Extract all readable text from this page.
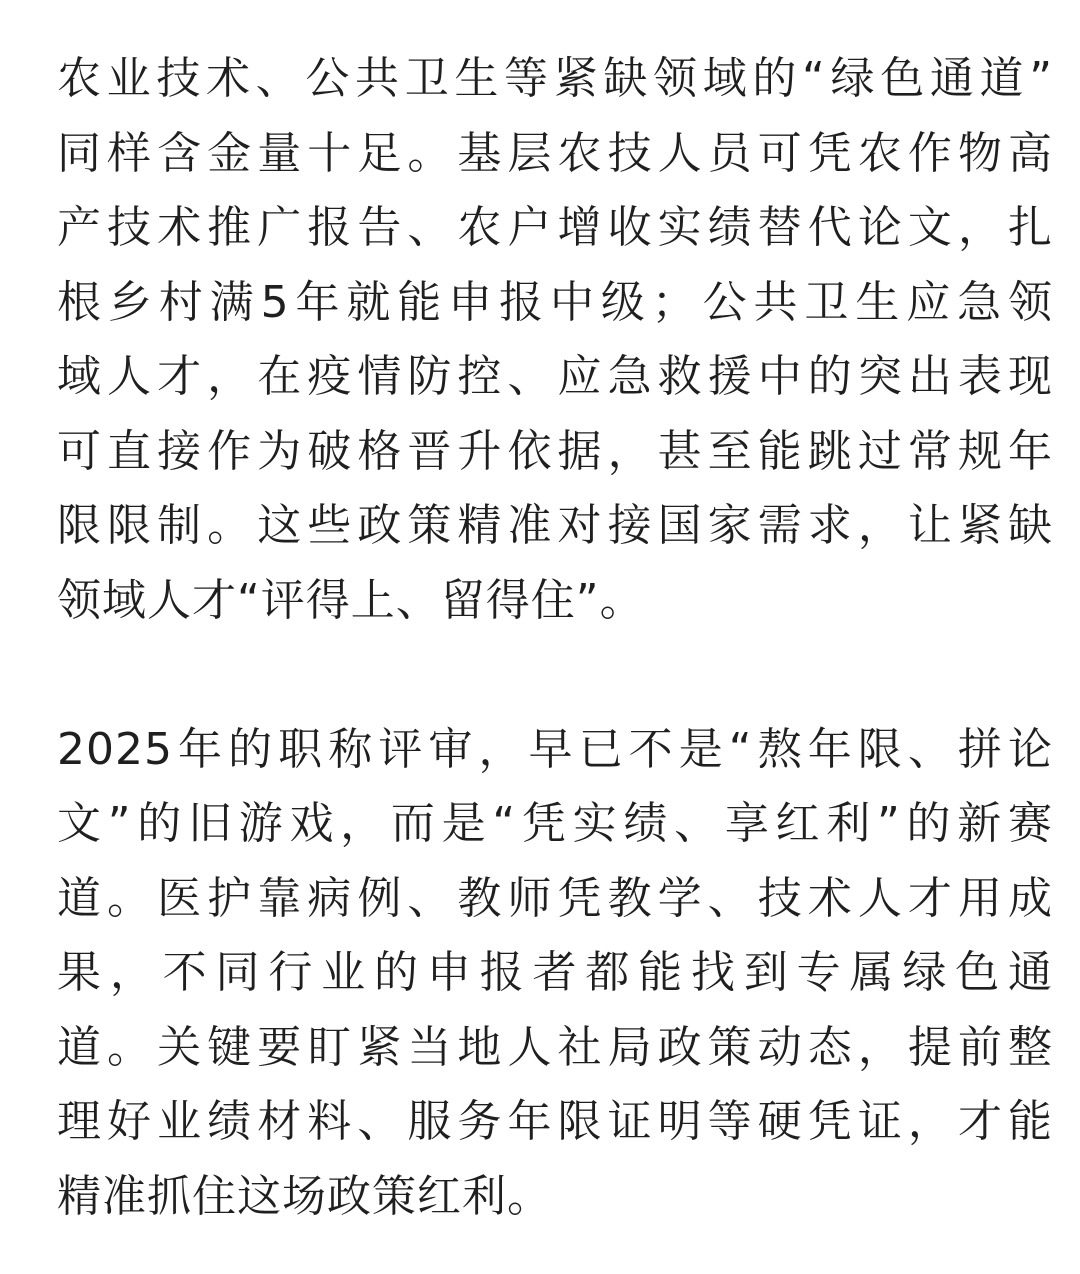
农业技术、公共卫生等紧缺领域的“绿色通道”
同样含金量十足。基层农技人员可凭农作物高
产技术推广报告、农户增收实绩替代论文，扎
根乡村满5年就能申报中级；公共卫生应急领
域人才，在疫情防控、应急救援中的突出表现
可直接作为破格晋升依据，甚至能跳过常规年
限限制。这些政策精准对接国家需求，让紧缺
领域人才“评得上、留得住”。
2025年的职称评审，早已不是“熬年限、拼论
文”的旧游戏，而是“凭实绩、享红利”的新赛
道。医护靠病例、教师凭教学、技术人才用成
果，不同行业的申报者都能找到专属绿色通
道。关键要盯紧当地人社局政策动态，提前整
理好业绩材料、服务年限证明等硬凭证，才能
精准抓住这场政策红利。
